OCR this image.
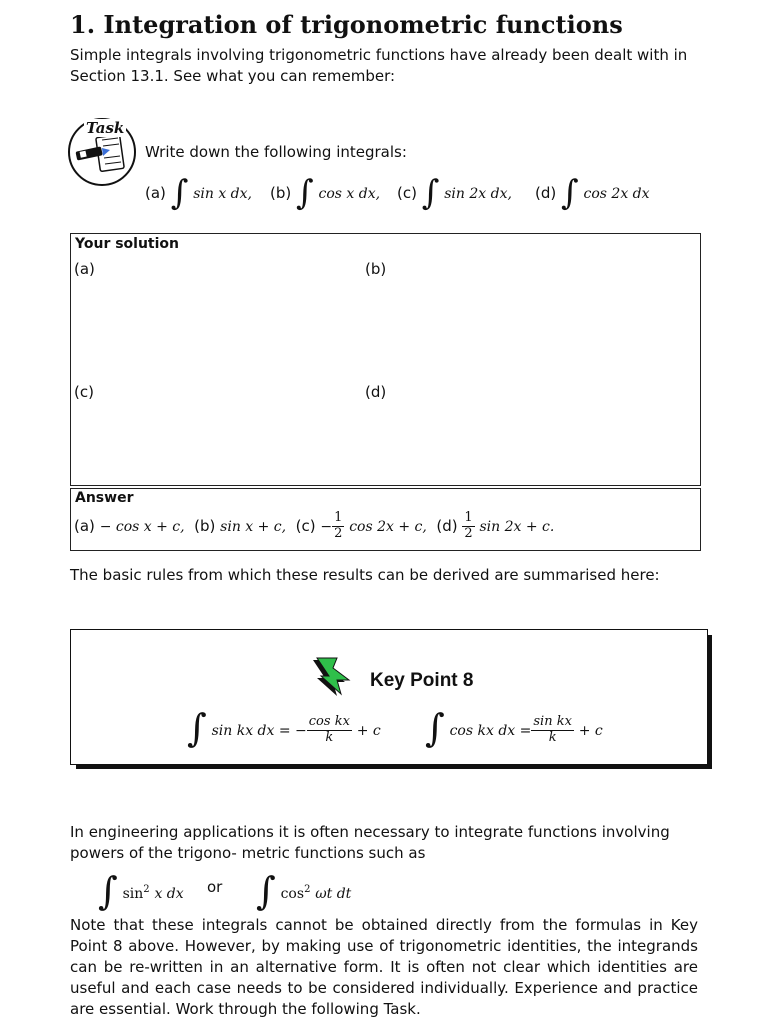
1. Integration of trigonometric functions

Simple integrals involving trigonometric functions have already been dealt with in Section 13.1. See what you can remember:

Task
Write down the following integrals:
(a) ∫ sin x dx, (b) ∫ cos x dx, (c) ∫ sin 2x dx, (d) ∫ cos 2x dx
Your solution
(a)	(b)
(c)	(d)
Answer
(a) − cos x + c, (b) sin x + c, $(c) - \frac{1}{2}$ cos 2x + c, $(d) \frac{1}{2}$ sin 2x + c.

The basic rules from which these results can be derived are summarised here:

Key Point 8
∫ sin kx dx = − $\frac{\text{cos kx}}{k} + c$ ∫ cos kx dx = $\frac{\text{sin kx}}{k} + c$

In engineering applications it is often necessary to integrate functions involving powers of the trigono- metric functions such as

∫ $\sin^2 x$ dx or ∫ $\cos^2 \omega t$ dt

Note that these integrals cannot be obtained directly from the formulas in Key Point 8 above. However, by making use of trigonometric identities, the integrands can be re-written in an alternative form. It is often not clear which identities are useful and each case needs to be considered individually. Experience and practice are essential. Work through the following Task.
